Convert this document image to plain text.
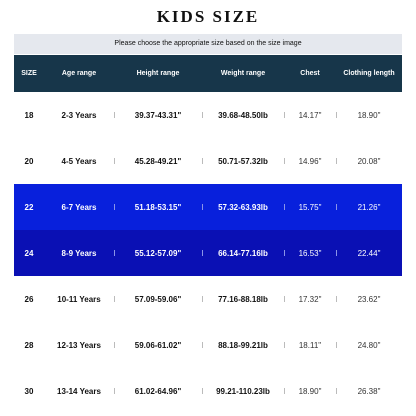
KIDS SIZE
Please choose the appropriate size based on the size image
SIZE	Age range	Height range	Weight range	Chest	Clothing length
18	2-3 Years	39.37-43.31"	39.68-48.50lb	14.17"	18.90"
20	4-5 Years	45.28-49.21"	50.71-57.32lb	14.96"	20.08"
22	6-7 Years	51.18-53.15"	57.32-63.93lb	15.75"	21.26"
24	8-9 Years	55.12-57.09"	66.14-77.16lb	16.53"	22.44"
26	10-11 Years	57.09-59.06"	77.16-88.18lb	17.32"	23.62"
28	12-13 Years	59.06-61.02"	88.18-99.21lb	18.11"	24.80"
30	13-14 Years	61.02-64.96"	99.21-110.23lb	18.90"	26.38"
